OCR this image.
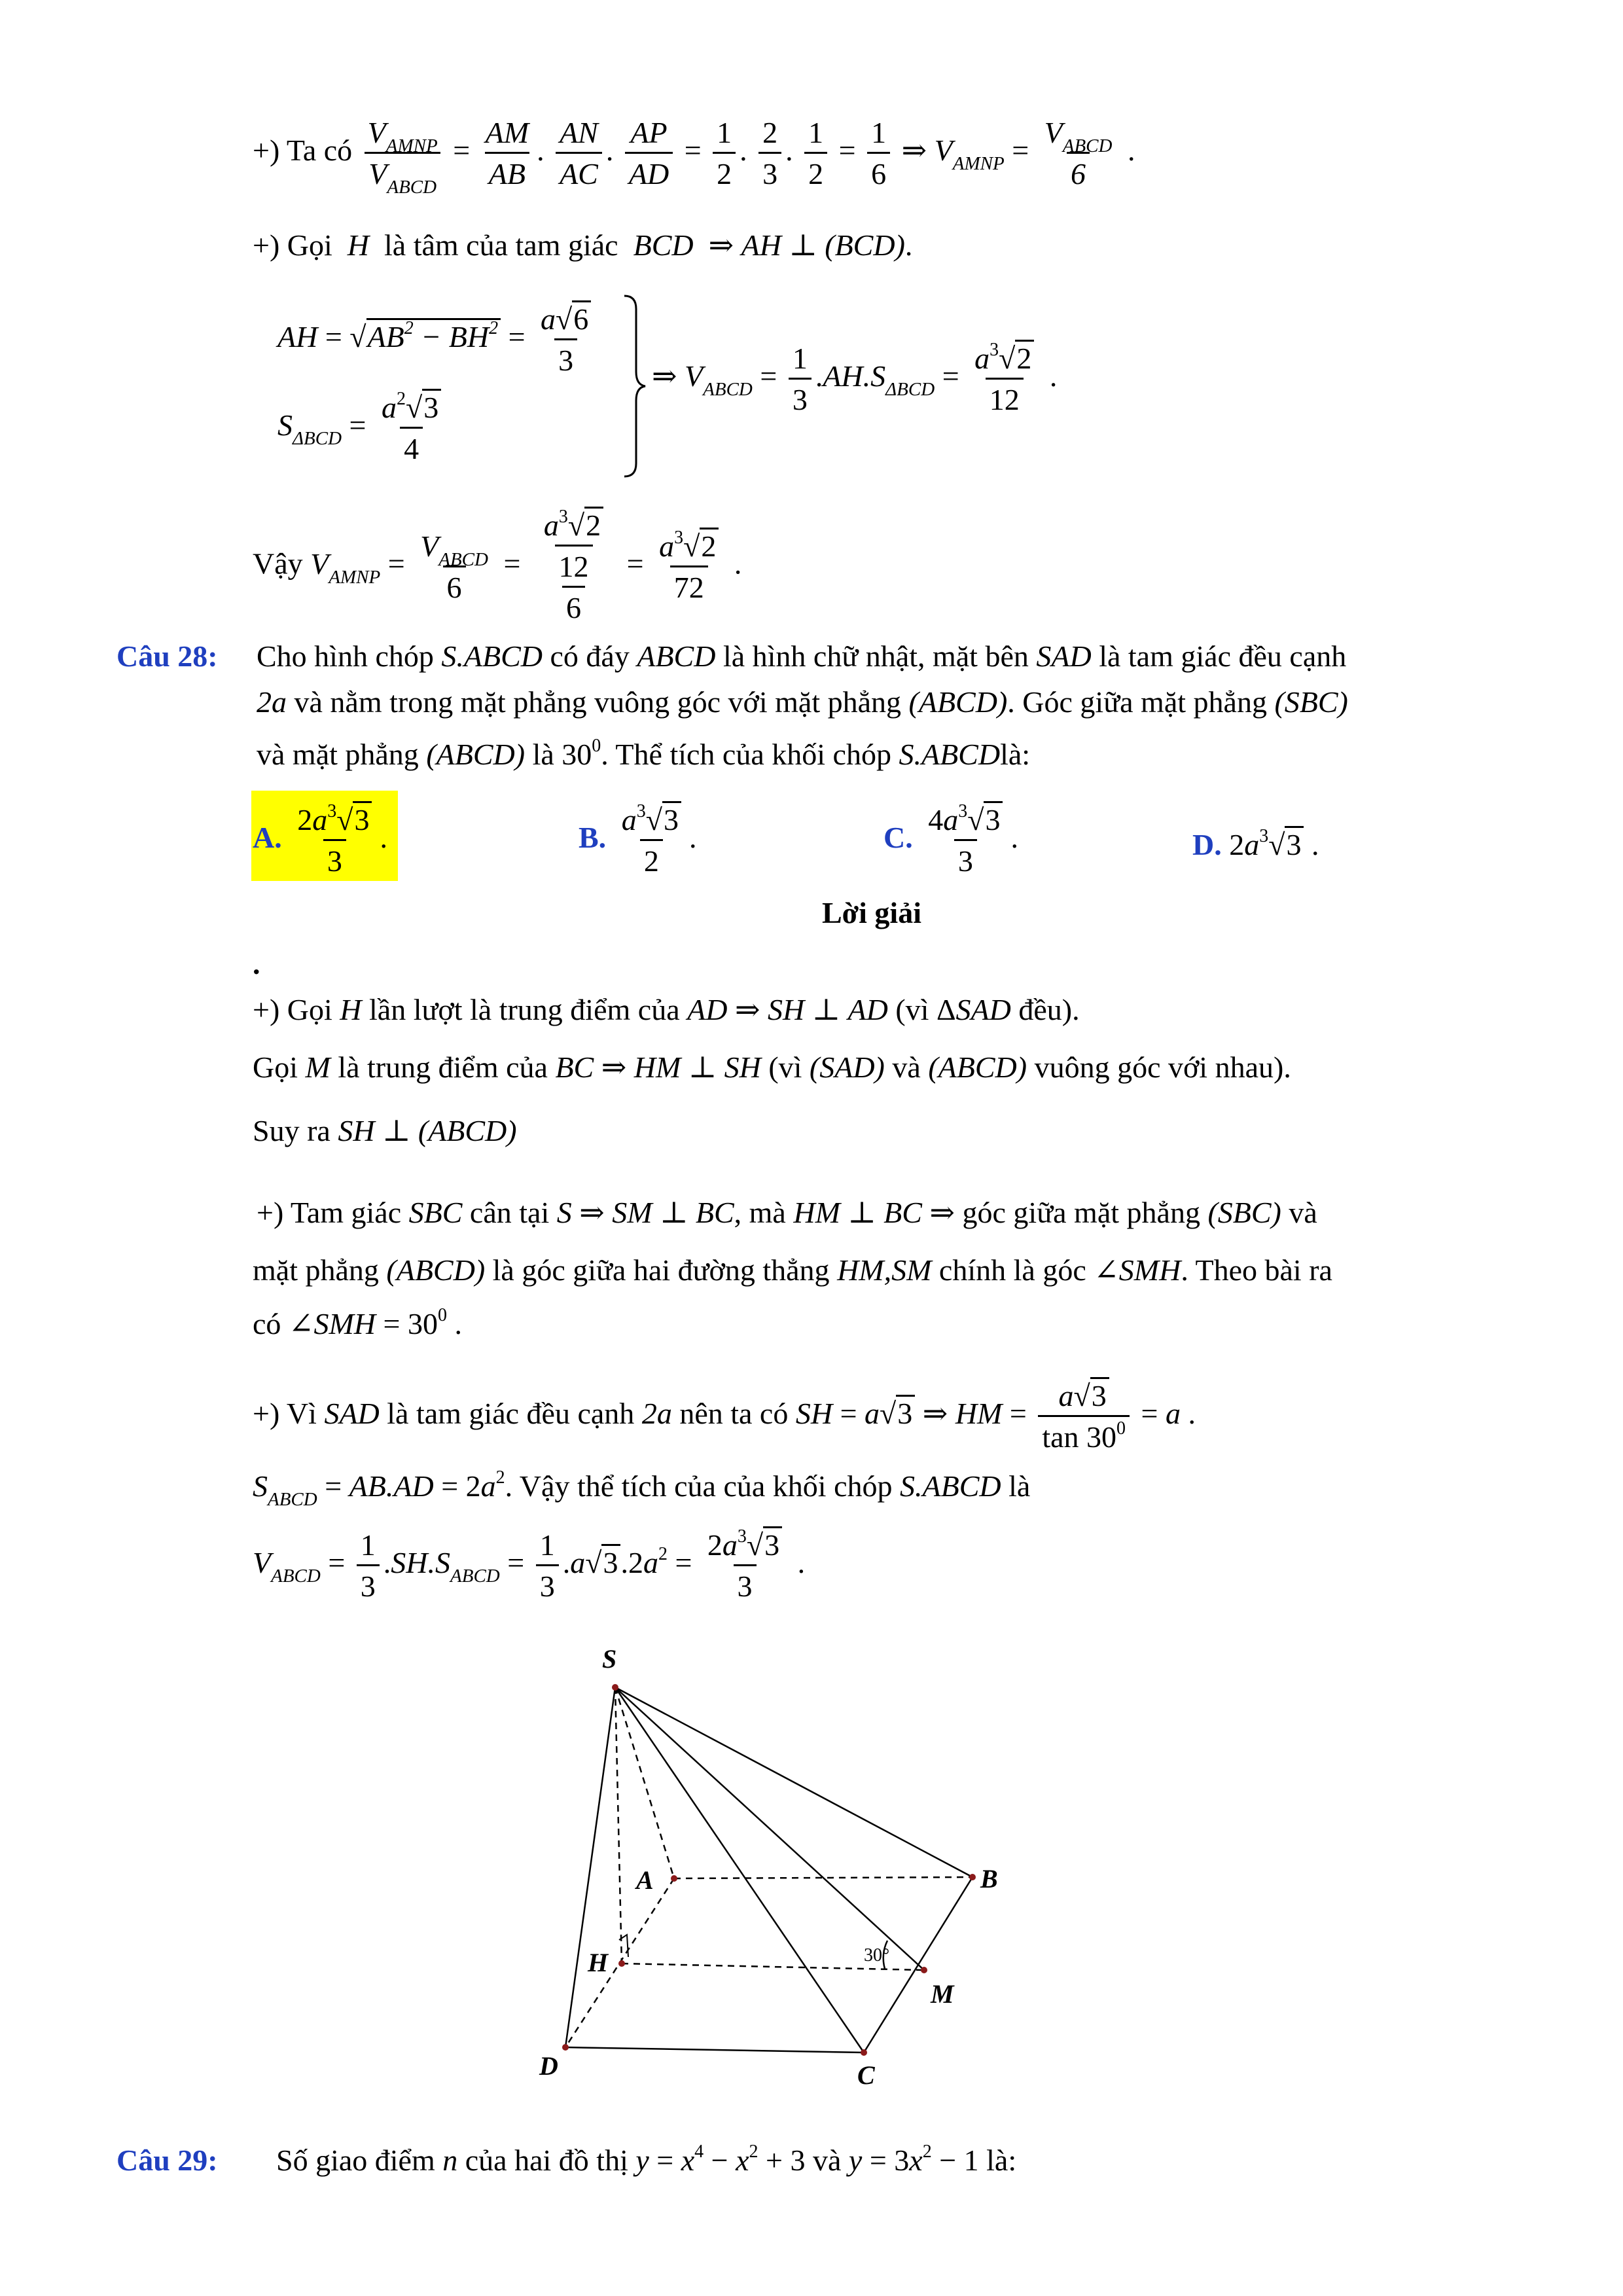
+) Ta có
$V_{AMNP}$
$V_{ABCD}$
= $\frac{AM}{AB}$ . $\frac{AN}{AC}$ . $\frac{AP}{AD} = \frac{1}{2}$ . $\frac{2}{3}$ . $\frac{1}{2} = \frac{1}{6}$ ⇒ $V_{AMNP}$ =
$V_{ABCD}$
6
.
+) Gọi  H  là tâm của tam giác  BCD  ⇒ AH ⊥ (BCD).
AH = $√AB^2 - BH^2 = \frac{a√6}{3}$
$S_{\Delta BCD} = \frac{a^2√3}{4}$
⇒ $V_{ABCD} = \frac{1}{3} .AH.S_{\Delta BCD} = \frac{a^3√2}{12}$ .
Vậy $V_{AMNP}$ =
$V_{ABCD}$
6
= $\frac{\frac{a^3√2}{12}}{6} = \frac{a^3√2}{72}$ .
Câu 28: Cho hình chóp S.ABCD có đáy ABCD là hình chữ nhật, mặt bên SAD là tam giác đều cạnh
2a và nằm trong mặt phẳng vuông góc với mặt phẳng (ABCD). Góc giữa mặt phẳng (SBC)
và mặt phẳng (ABCD) là $30^0$. Thể tích của khối chóp S.ABCDlà:
A. $\frac{2a^3√3}{3}$ .	B. $\frac{a^3√3}{2}$ .	C. $\frac{4a^3√3}{3}$ .	D. $2a^3√3$ .
Lời giải
.
+) Gọi H lần lượt là trung điểm của AD ⇒ SH ⊥ AD (vì ΔSAD đều).
Gọi M là trung điểm của BC ⇒ HM ⊥ SH (vì (SAD) và (ABCD) vuông góc với nhau).
Suy ra SH ⊥ (ABCD)
+) Tam giác SBC cân tại S ⇒ SM ⊥ BC, mà HM ⊥ BC ⇒ góc giữa mặt phẳng (SBC) và
mặt phẳng (ABCD) là góc giữa hai đường thẳng HM,SM chính là góc ∠SMH. Theo bài ra
có ∠SMH = $30^0$ .
+) Vì SAD là tam giác đều cạnh 2a nên ta có SH = a√3 ⇒ HM = $\frac{a√3}{\tan 30^0} = a$ .
$S_{ABCD} = AB.AD = 2a^2$. Vậy thể tích của của khối chóp S.ABCD là
$V_{ABCD} = \frac{1}{3} .SH.S_{ABCD} = \frac{1}{3} .a√3.2a^2 = \frac{2a^3√3}{3}$ .
S
A	B
C
D
H
M
30°
Câu 29: Số giao điểm n của hai đồ thị $y = x^4 - x^2 + 3$ và $y = 3x^2 - 1$ là:
